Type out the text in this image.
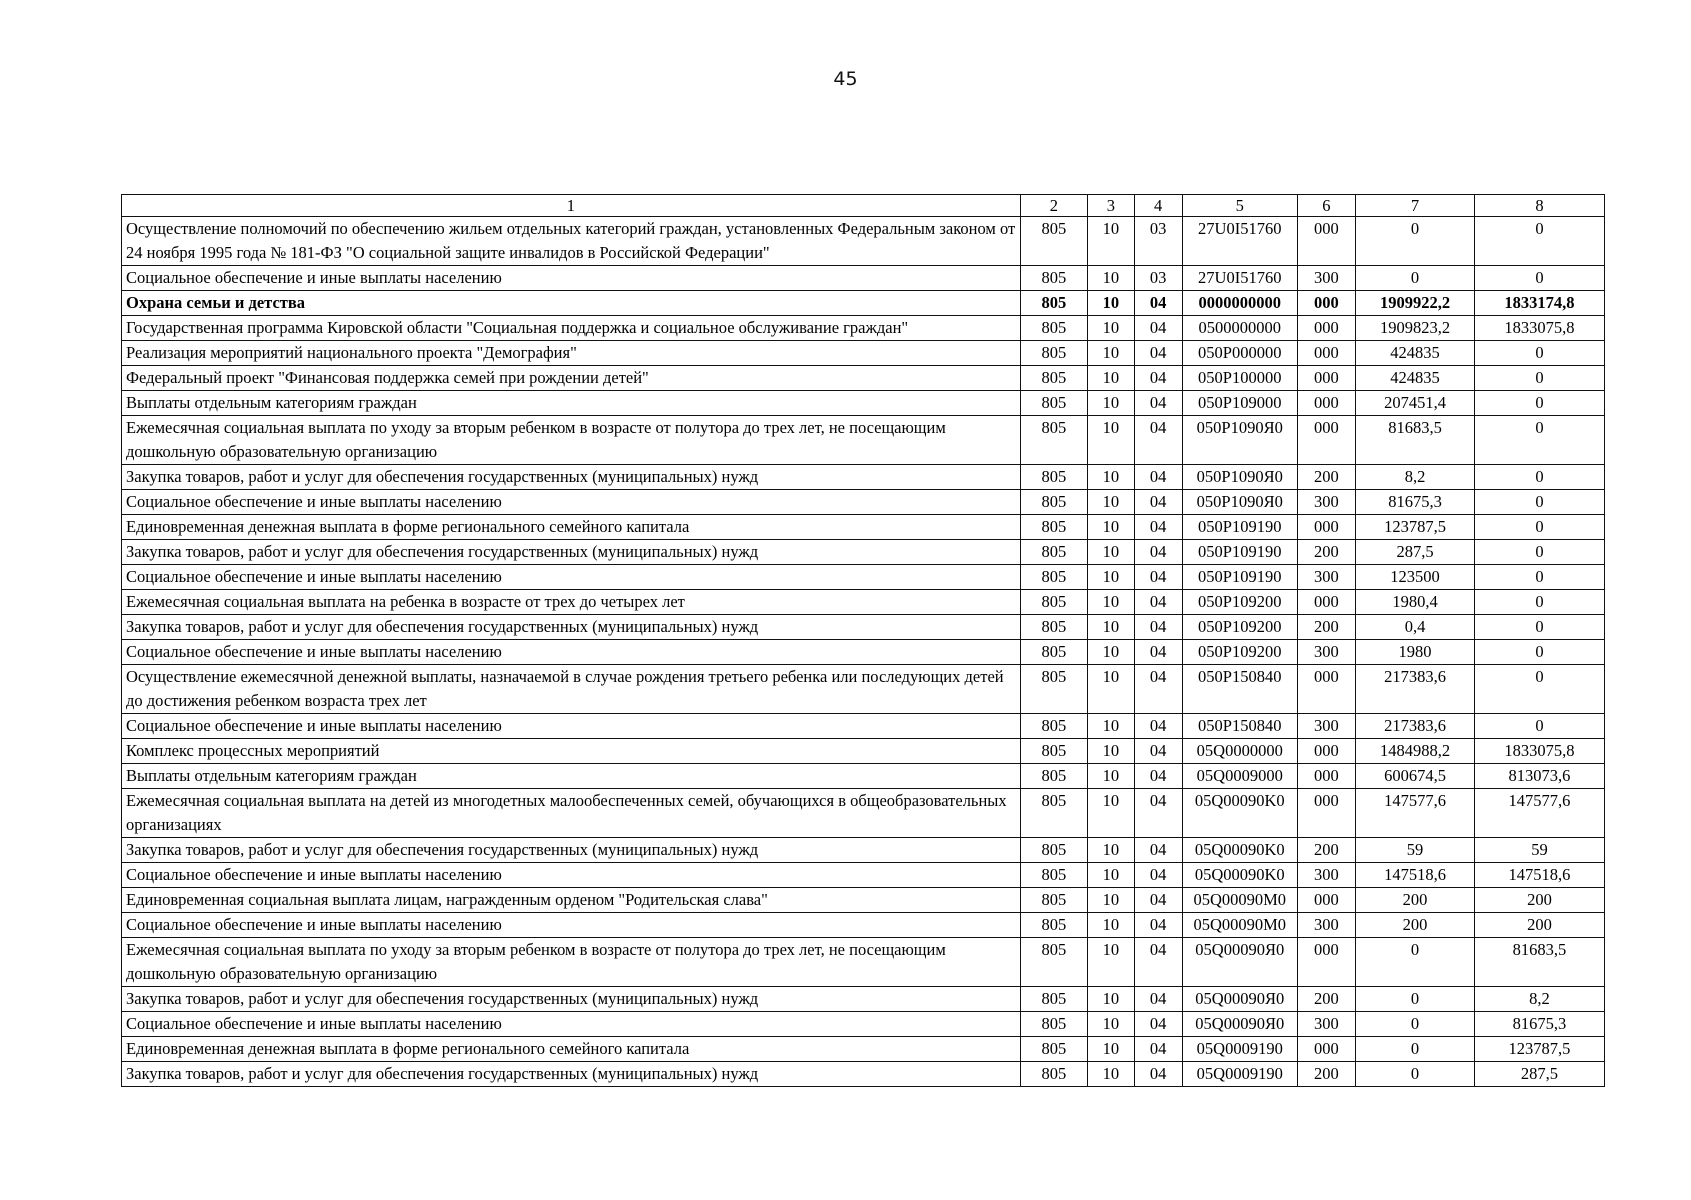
45
1	2	3	4	5	6	7	8
Осуществление полномочий по обеспечению жильем отдельных категорий граждан, установленных Федеральным законом от 24 ноября 1995 года № 181-ФЗ "О социальной защите инвалидов в Российской Федерации"	805	10	03	27U0I51760	000	0	0
Социальное обеспечение и иные выплаты населению	805	10	03	27U0I51760	300	0	0
Охрана семьи и детства	805	10	04	0000000000	000	1909922,2	1833174,8
Государственная программа Кировской области "Социальная поддержка и социальное обслуживание граждан"	805	10	04	0500000000	000	1909823,2	1833075,8
Реализация мероприятий национального проекта "Демография"	805	10	04	050P000000	000	424835	0
Федеральный проект "Финансовая поддержка семей при рождении детей"	805	10	04	050P100000	000	424835	0
Выплаты отдельным категориям граждан	805	10	04	050P109000	000	207451,4	0
Ежемесячная социальная выплата по уходу за вторым ребенком в возрасте от полутора до трех лет, не посещающим дошкольную образовательную организацию	805	10	04	050P1090Я0	000	81683,5	0
Закупка товаров, работ и услуг для обеспечения государственных (муниципальных) нужд	805	10	04	050P1090Я0	200	8,2	0
Социальное обеспечение и иные выплаты населению	805	10	04	050P1090Я0	300	81675,3	0
Единовременная денежная выплата в форме регионального семейного капитала	805	10	04	050P109190	000	123787,5	0
Закупка товаров, работ и услуг для обеспечения государственных (муниципальных) нужд	805	10	04	050P109190	200	287,5	0
Социальное обеспечение и иные выплаты населению	805	10	04	050P109190	300	123500	0
Ежемесячная социальная выплата на ребенка в возрасте от трех до четырех лет	805	10	04	050P109200	000	1980,4	0
Закупка товаров, работ и услуг для обеспечения государственных (муниципальных) нужд	805	10	04	050P109200	200	0,4	0
Социальное обеспечение и иные выплаты населению	805	10	04	050P109200	300	1980	0
Осуществление ежемесячной денежной выплаты, назначаемой в случае рождения третьего ребенка или последующих детей до достижения ребенком возраста трех лет	805	10	04	050P150840	000	217383,6	0
Социальное обеспечение и иные выплаты населению	805	10	04	050P150840	300	217383,6	0
Комплекс процессных мероприятий	805	10	04	05Q0000000	000	1484988,2	1833075,8
Выплаты отдельным категориям граждан	805	10	04	05Q0009000	000	600674,5	813073,6
Ежемесячная социальная выплата на детей из многодетных малообеспеченных семей, обучающихся в общеобразовательных организациях	805	10	04	05Q00090K0	000	147577,6	147577,6
Закупка товаров, работ и услуг для обеспечения государственных (муниципальных) нужд	805	10	04	05Q00090K0	200	59	59
Социальное обеспечение и иные выплаты населению	805	10	04	05Q00090K0	300	147518,6	147518,6
Единовременная социальная выплата лицам, награжденным орденом "Родительская слава"	805	10	04	05Q00090M0	000	200	200
Социальное обеспечение и иные выплаты населению	805	10	04	05Q00090M0	300	200	200
Ежемесячная социальная выплата по уходу за вторым ребенком в возрасте от полутора до трех лет, не посещающим дошкольную образовательную организацию	805	10	04	05Q00090Я0	000	0	81683,5
Закупка товаров, работ и услуг для обеспечения государственных (муниципальных) нужд	805	10	04	05Q00090Я0	200	0	8,2
Социальное обеспечение и иные выплаты населению	805	10	04	05Q00090Я0	300	0	81675,3
Единовременная денежная выплата в форме регионального семейного капитала	805	10	04	05Q0009190	000	0	123787,5
Закупка товаров, работ и услуг для обеспечения государственных (муниципальных) нужд	805	10	04	05Q0009190	200	0	287,5
